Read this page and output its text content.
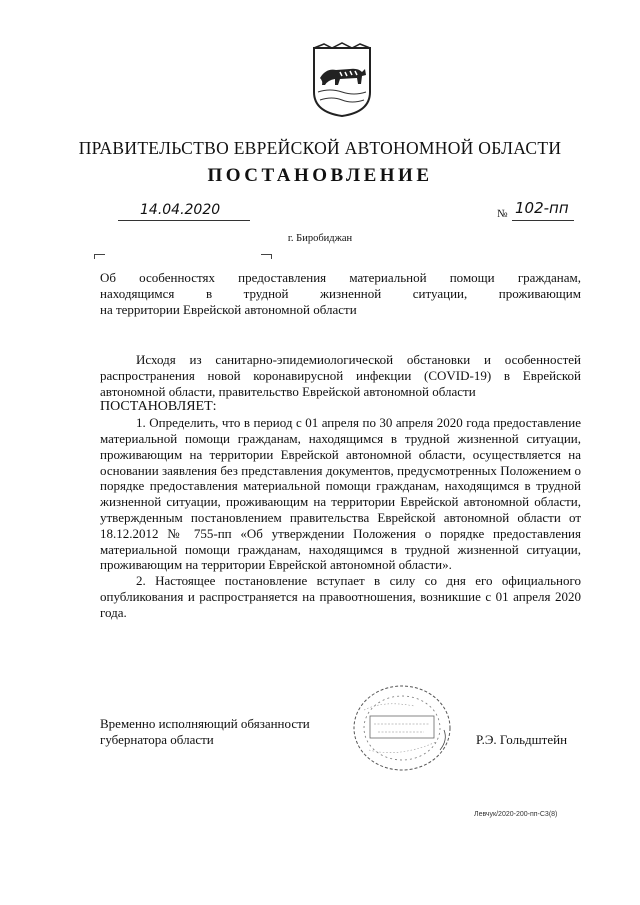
ПРАВИТЕЛЬСТВО ЕВРЕЙСКОЙ АВТОНОМНОЙ ОБЛАСТИ
ПОСТАНОВЛЕНИЕ
14.04.2020	№ 102-пп
г. Биробиджан
Об особенностях предоставления материальной помощи гражданам,
находящимся в трудной жизненной ситуации, проживающим
на территории Еврейской автономной области

Исходя из санитарно-эпидемиологической обстановки и особенностей распространения новой коронавирусной инфекции (COVID-19) в Еврейской автономной области, правительство Еврейской автономной области

ПОСТАНОВЛЯЕТ:

1. Определить, что в период с 01 апреля по 30 апреля 2020 года предоставление материальной помощи гражданам, находящимся в трудной жизненной ситуации, проживающим на территории Еврейской автономной области, осуществляется на основании заявления без представления документов, предусмотренных Положением о порядке предоставления материальной помощи гражданам, находящимся в трудной жизненной ситуации, проживающим на территории Еврейской автономной области, утвержденным постановлением правительства Еврейской автономной области от 18.12.2012 № 755-пп «Об утверждении Положения о порядке предоставления материальной помощи гражданам, находящимся в трудной жизненной ситуации, проживающим на территории Еврейской автономной области».

2. Настоящее постановление вступает в силу со дня его официального опубликования и распространяется на правоотношения, возникшие с 01 апреля 2020 года.

Временно исполняющий обязанности
губернатора области	Р.Э. Гольдштейн
Левчук/2020-200-пп-С3(8)
